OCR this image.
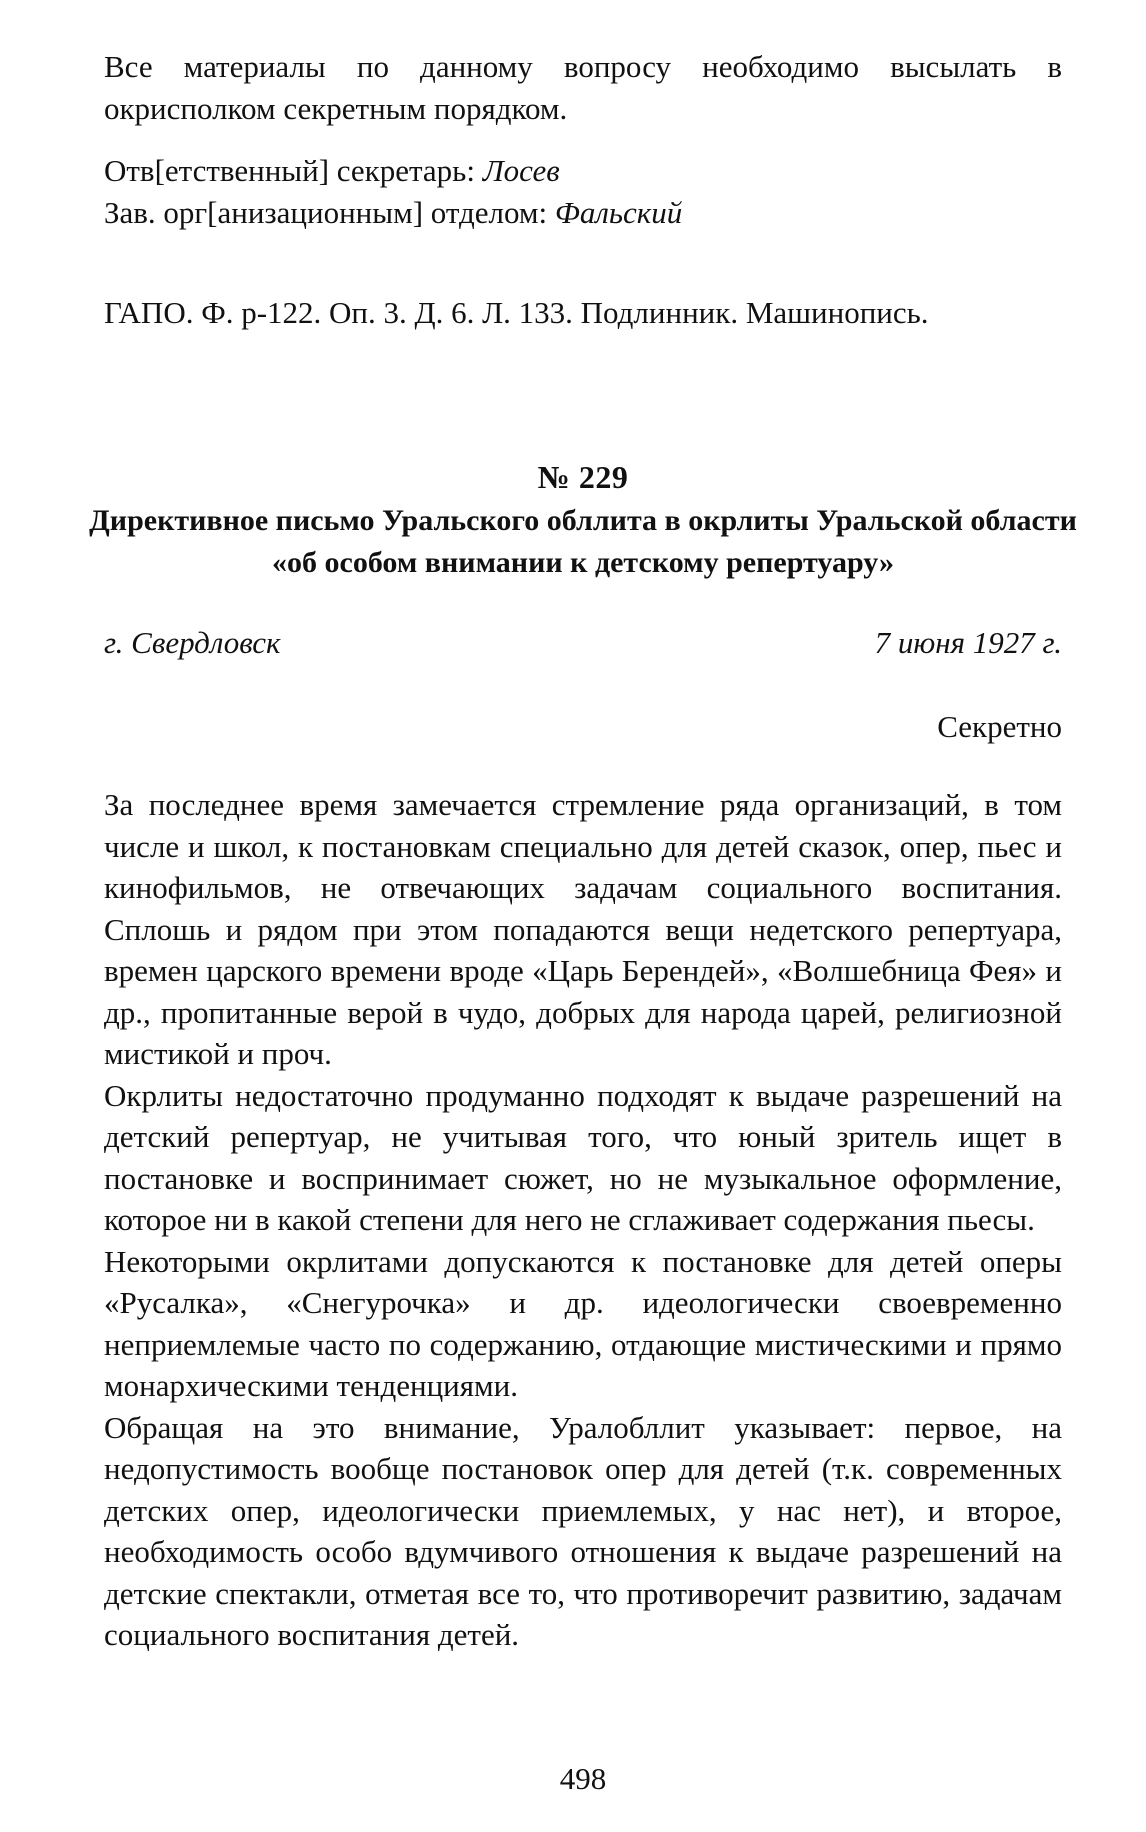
Все материалы по данному вопросу необходимо высылать в окрисполком секретным порядком.

Отв[етственный] секретарь: Лосев
Зав. орг[анизационным] отделом: Фальский
ГАПО. Ф. р-122. Оп. 3. Д. 6. Л. 133. Подлинник. Машинопись.
№ 229
Директивное письмо Уральского обллита в окрлиты Уральской области «об особом внимании к детскому репертуару»
г. Свердловск	7 июня 1927 г.
Секретно

За последнее время замечается стремление ряда организаций, в том числе и школ, к постановкам специально для детей сказок, опер, пьес и кинофильмов, не отвечающих задачам социального воспитания. Сплошь и рядом при этом попадаются вещи недетского репертуара, времен царского времени вроде «Царь Берендей», «Волшебница Фея» и др., пропитанные верой в чудо, добрых для народа царей, религиозной мистикой и проч.

Окрлиты недостаточно продуманно подходят к выдаче разрешений на детский репертуар, не учитывая того, что юный зритель ищет в постановке и воспринимает сюжет, но не музыкальное оформление, которое ни в какой степени для него не сглаживает содержания пьесы.

Некоторыми окрлитами допускаются к постановке для детей оперы «Русалка», «Снегурочка» и др. идеологически своевременно неприемлемые часто по содержанию, отдающие мистическими и прямо монархическими тенденциями.

Обращая на это внимание, Уралобллит указывает: первое, на недопустимость вообще постановок опер для детей (т.к. современных детских опер, идеологически приемлемых, у нас нет), и второе, необходимость особо вдумчивого отношения к выдаче разрешений на детские спектакли, отметая все то, что противоречит развитию, задачам социального воспитания детей.

498
